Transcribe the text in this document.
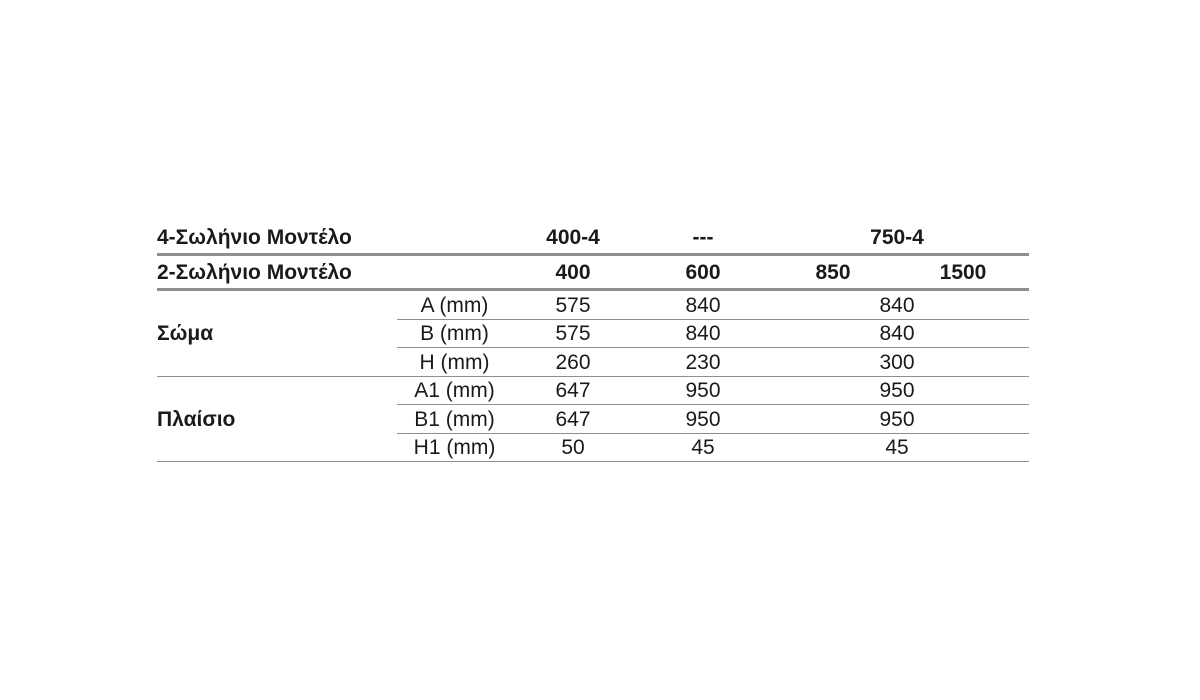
4-Σωλήνιο Μοντέλο	400-4	---	750-4
2-Σωλήνιο Μοντέλο	400	600	850	1500
Σώμα
A (mm)	575	840	840
B (mm)	575	840	840
H (mm)	260	230	300
Πλαίσιο
A1 (mm)	647	950	950
B1 (mm)	647	950	950
H1 (mm)	50	45	45
